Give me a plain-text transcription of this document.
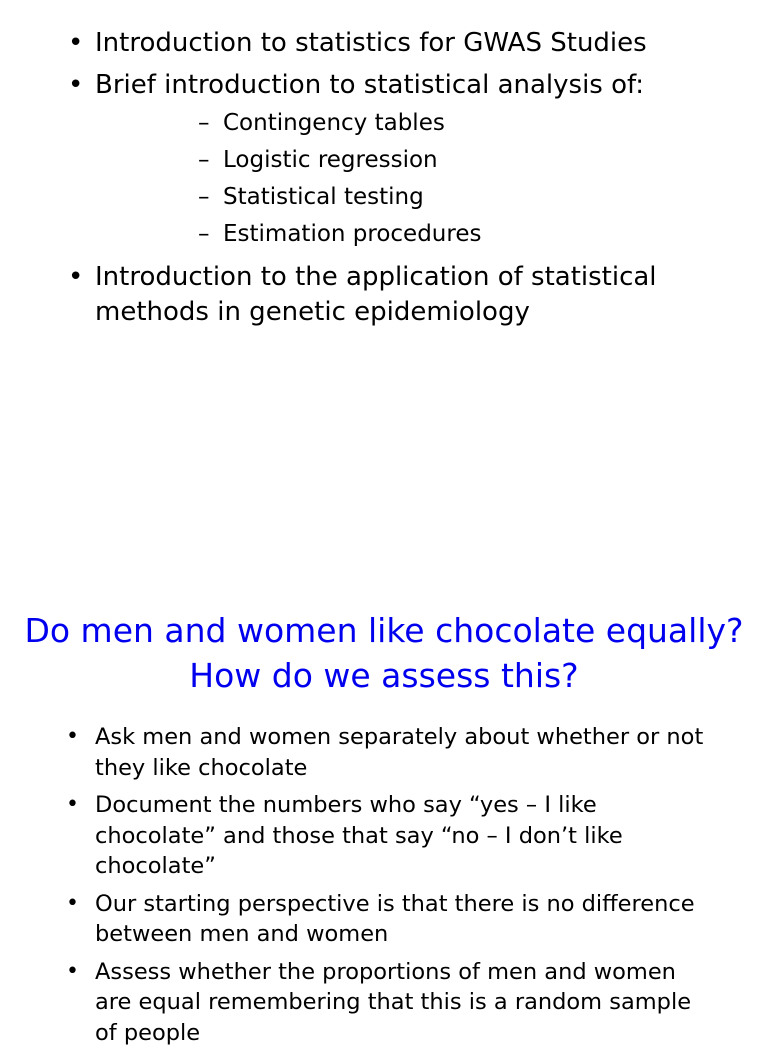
• Introduction to statistics for GWAS Studies
• Brief introduction to statistical analysis of:
– Contingency tables
– Logistic regression
– Statistical testing
– Estimation procedures
• Introduction to the application of statistical methods in genetic epidemiology
Do men and women like chocolate equally? How do we assess this?
• Ask men and women separately about whether or not they like chocolate
• Document the numbers who say “yes – I like chocolate” and those that say “no – I don’t like chocolate”
• Our starting perspective is that there is no difference between men and women
• Assess whether the proportions of men and women are equal remembering that this is a random sample of people
